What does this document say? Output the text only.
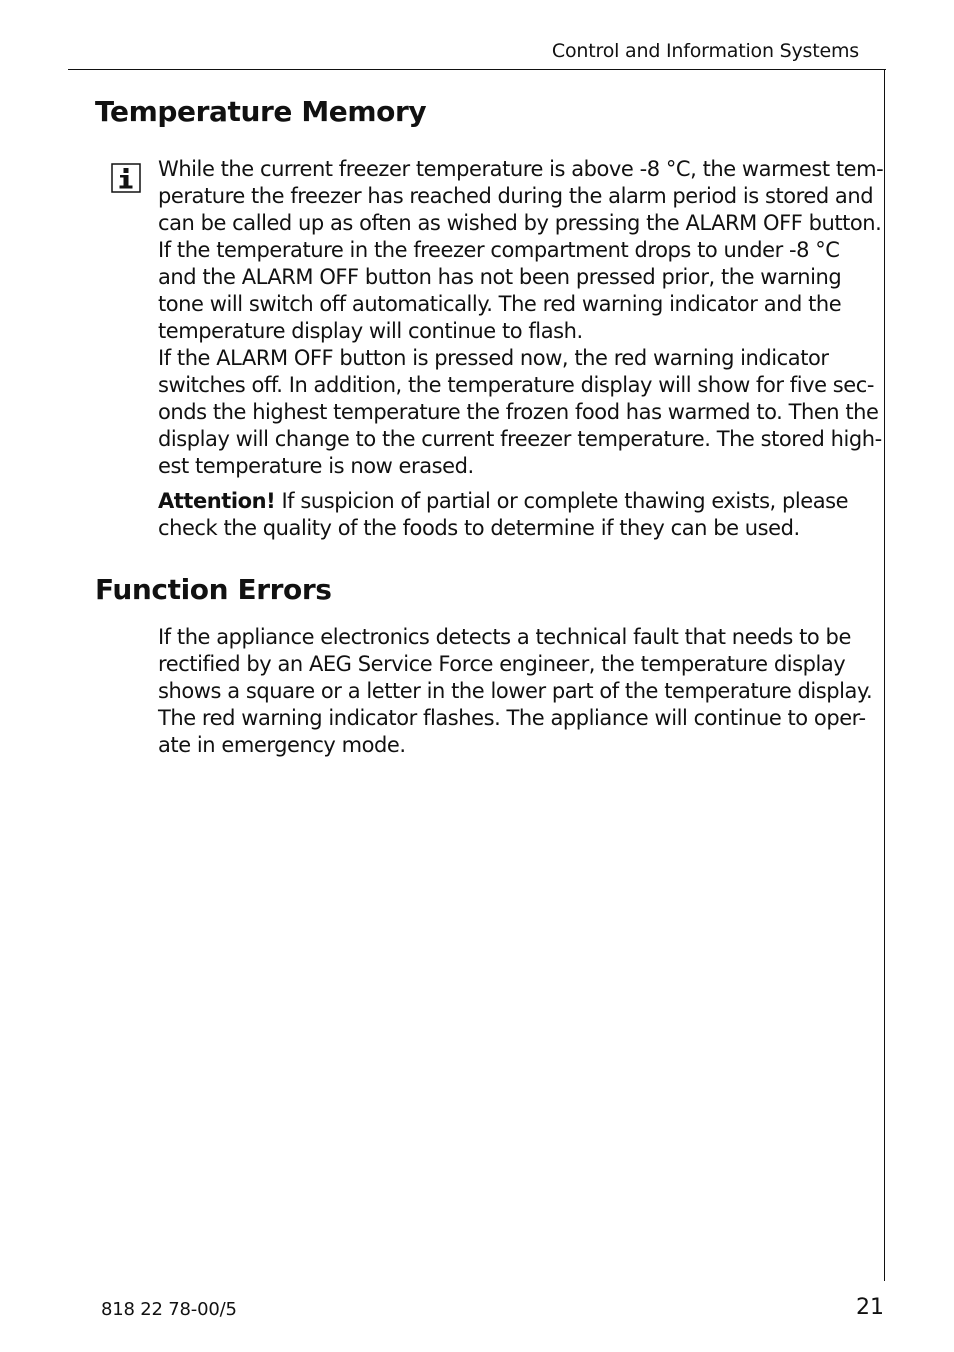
Control and Information Systems
Temperature Memory
While the current freezer temperature is above -8 °C, the warmest tem-
perature the freezer has reached during the alarm period is stored and
can be called up as often as wished by pressing the ALARM OFF button.
If the temperature in the freezer compartment drops to under -8 °C
and the ALARM OFF button has not been pressed prior, the warning
tone will switch off automatically. The red warning indicator and the
temperature display will continue to flash.
If the ALARM OFF button is pressed now, the red warning indicator
switches off. In addition, the temperature display will show for five sec-
onds the highest temperature the frozen food has warmed to. Then the
display will change to the current freezer temperature. The stored high-
est temperature is now erased.
Attention! If suspicion of partial or complete thawing exists, please
check the quality of the foods to determine if they can be used.
Function Errors
If the appliance electronics detects a technical fault that needs to be
rectified by an AEG Service Force engineer, the temperature display
shows a square or a letter in the lower part of the temperature display.
The red warning indicator flashes. The appliance will continue to oper-
ate in emergency mode.
818 22 78-00/5	21
